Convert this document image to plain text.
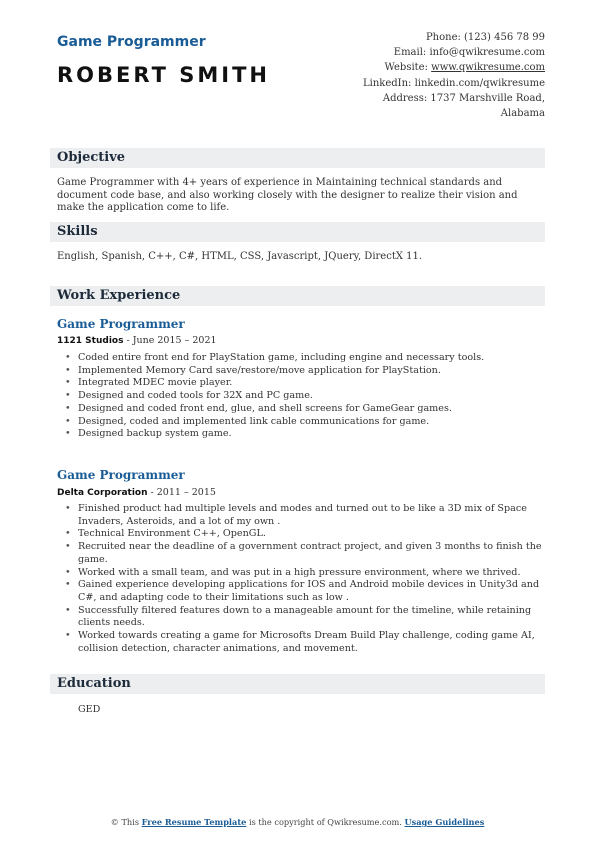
Game Programmer
ROBERT SMITH
Phone: (123) 456 78 99
Email: info@qwikresume.com
Website: www.qwikresume.com
LinkedIn: linkedin.com/qwikresume
Address: 1737 Marshville Road,
Alabama
Objective
Game Programmer with 4+ years of experience in Maintaining technical standards and document code base, and also working closely with the designer to realize their vision and make the application come to life.
Skills
English, Spanish, C++, C#, HTML, CSS, Javascript, JQuery, DirectX 11.
Work Experience
Game Programmer
1121 Studios - June 2015 – 2021
• Coded entire front end for PlayStation game, including engine and necessary tools.
• Implemented Memory Card save/restore/move application for PlayStation.
• Integrated MDEC movie player.
• Designed and coded tools for 32X and PC game.
• Designed and coded front end, glue, and shell screens for GameGear games.
• Designed, coded and implemented link cable communications for game.
• Designed backup system game.
Game Programmer
Delta Corporation - 2011 – 2015
• Finished product had multiple levels and modes and turned out to be like a 3D mix of Space Invaders, Asteroids, and a lot of my own .
• Technical Environment C++, OpenGL.
• Recruited near the deadline of a government contract project, and given 3 months to finish the game.
• Worked with a small team, and was put in a high pressure environment, where we thrived.
• Gained experience developing applications for IOS and Android mobile devices in Unity3d and C#, and adapting code to their limitations such as low .
• Successfully filtered features down to a manageable amount for the timeline, while retaining clients needs.
• Worked towards creating a game for Microsofts Dream Build Play challenge, coding game AI, collision detection, character animations, and movement.
Education
GED
© This Free Resume Template is the copyright of Qwikresume.com. Usage Guidelines
